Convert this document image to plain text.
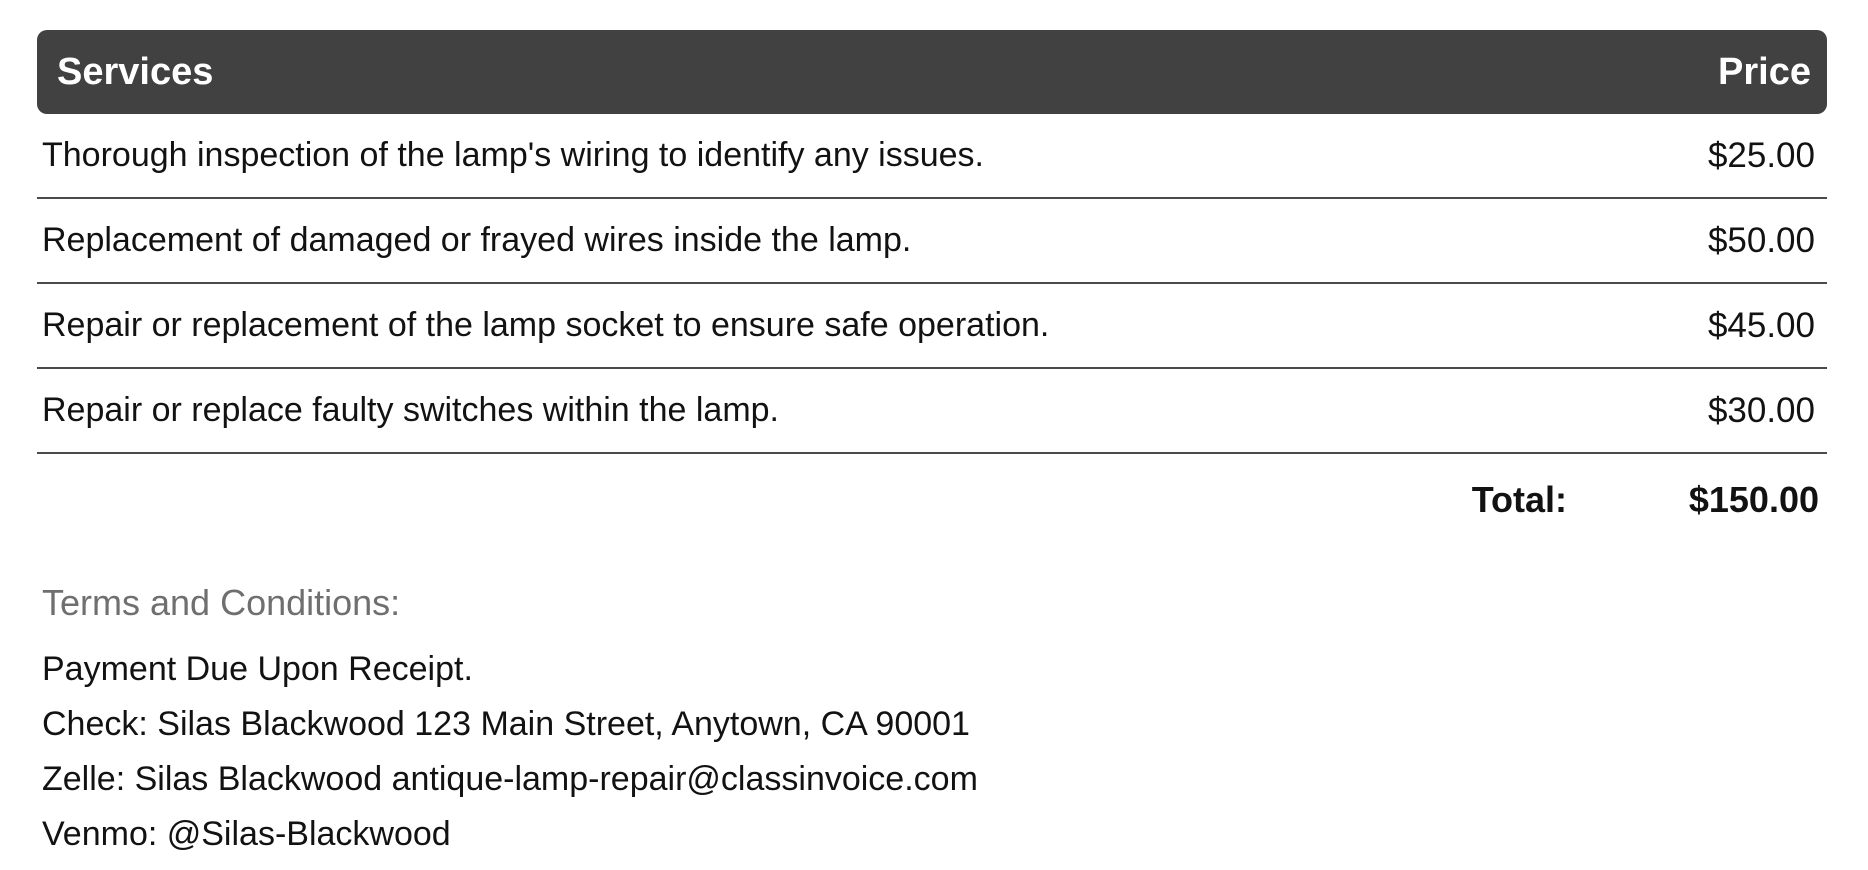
Services	Price
Thorough inspection of the lamp's wiring to identify any issues.	$25.00
Replacement of damaged or frayed wires inside the lamp.	$50.00
Repair or replacement of the lamp socket to ensure safe operation.	$45.00
Repair or replace faulty switches within the lamp.	$30.00
Total:	$150.00
Terms and Conditions:
Payment Due Upon Receipt.
Check: Silas Blackwood 123 Main Street, Anytown, CA 90001
Zelle: Silas Blackwood antique-lamp-repair@classinvoice.com
Venmo: @Silas-Blackwood
